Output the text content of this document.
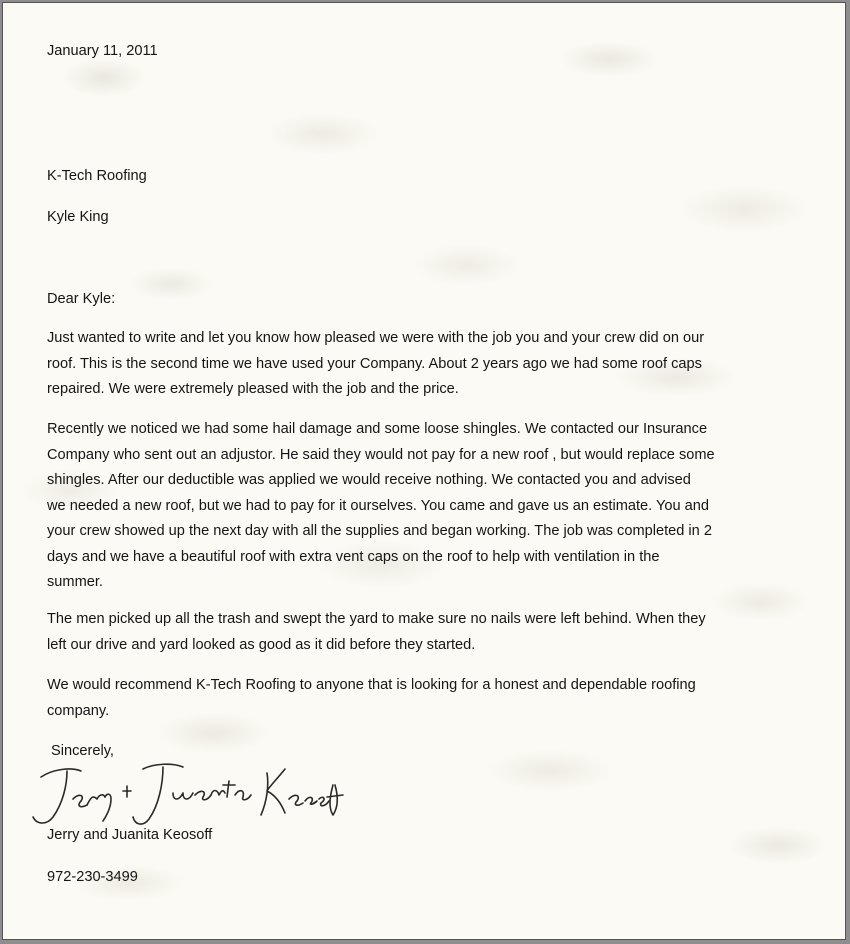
January 11, 2011

K-Tech Roofing

Kyle King

Dear Kyle:

Just wanted to write and let you know how pleased we were with the job you and your crew did on our
roof. This is the second time we have used your Company. About 2 years ago we had some roof caps
repaired. We were extremely pleased with the job and the price.
Recently we noticed we had some hail damage and some loose shingles. We contacted our Insurance
Company who sent out an adjustor. He said they would not pay for a new roof , but would replace some
shingles. After our deductible was applied we would receive nothing. We contacted you and advised
we needed a new roof, but we had to pay for it ourselves. You came and gave us an estimate. You and
your crew showed up the next day with all the supplies and began working. The job was completed in 2
days and we have a beautiful roof with extra vent caps on the roof to help with ventilation in the
summer.
The men picked up all the trash and swept the yard to make sure no nails were left behind. When they
left our drive and yard looked as good as it did before they started.
We would recommend K-Tech Roofing to anyone that is looking for a honest and dependable roofing
company.

Sincerely,

Jerry and Juanita Keosoff

972-230-3499
